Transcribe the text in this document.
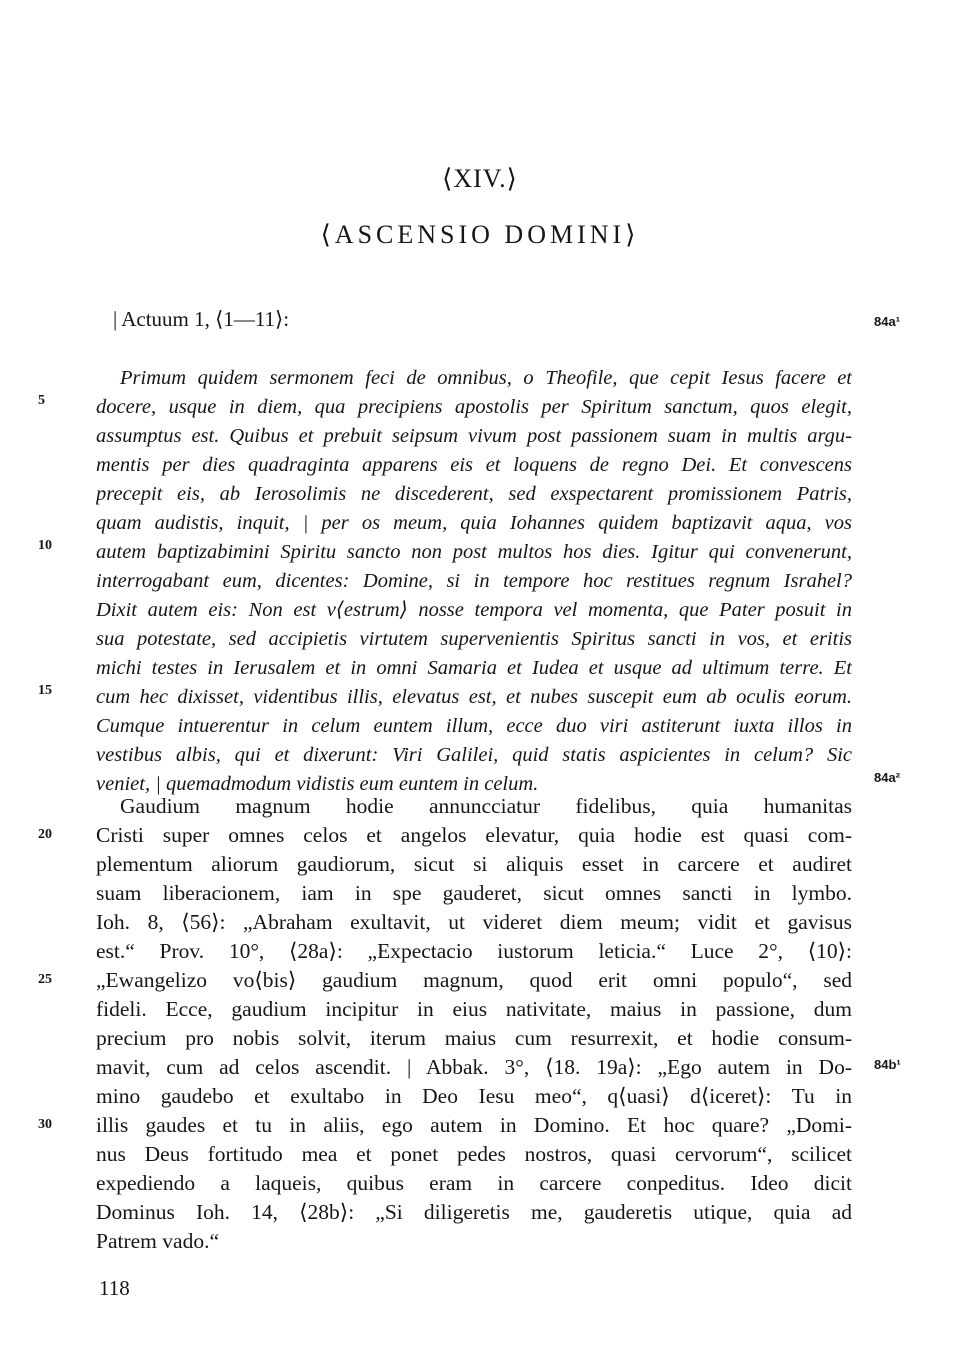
⟨XIV.⟩
⟨ASCENSIO DOMINI⟩
| Actuum 1, ⟨1—11⟩:	84a¹
Primum quidem sermonem feci de omnibus, o Theofile, que cepit Iesus facere et
docere, usque in diem, qua precipiens apostolis per Spiritum sanctum, quos elegit,
assumptus est. Quibus et prebuit seipsum vivum post passionem suam in multis argu-
mentis per dies quadraginta apparens eis et loquens de regno Dei. Et convescens
precepit eis, ab Ierosolimis ne discederent, sed exspectarent promissionem Patris,
quam audistis, inquit, | per os meum, quia Iohannes quidem baptizavit aqua, vos
autem baptizabimini Spiritu sancto non post multos hos dies. Igitur qui convenerunt,
interrogabant eum, dicentes: Domine, si in tempore hoc restitues regnum Israhel?
Dixit autem eis: Non est v⟨estrum⟩ nosse tempora vel momenta, que Pater posuit in
sua potestate, sed accipietis virtutem supervenientis Spiritus sancti in vos, et eritis
michi testes in Ierusalem et in omni Samaria et Iudea et usque ad ultimum terre. Et
cum hec dixisset, videntibus illis, elevatus est, et nubes suscepit eum ab oculis eorum.
Cumque intuerentur in celum euntem illum, ecce duo viri astiterunt iuxta illos in
vestibus albis, qui et dixerunt: Viri Galilei, quid statis aspicientes in celum? Sic
veniet, | quemadmodum vidistis eum euntem in celum.	84a²
Gaudium magnum hodie annuncciatur fidelibus, quia humanitas
Cristi super omnes celos et angelos elevatur, quia hodie est quasi com-
plementum aliorum gaudiorum, sicut si aliquis esset in carcere et audiret
suam liberacionem, iam in spe gauderet, sicut omnes sancti in lymbo.
Ioh. 8, ⟨56⟩: „Abraham exultavit, ut videret diem meum; vidit et gavisus
est.“ Prov. 10°, ⟨28a⟩: „Expectacio iustorum leticia.“ Luce 2°, ⟨10⟩:
„Ewangelizo vo⟨bis⟩ gaudium magnum, quod erit omni populo“, sed
fideli. Ecce, gaudium incipitur in eius nativitate, maius in passione, dum
precium pro nobis solvit, iterum maius cum resurrexit, et hodie consum-
mavit, cum ad celos ascendit. | Abbak. 3°, ⟨18. 19a⟩: „Ego autem in Do-
mino gaudebo et exultabo in Deo Iesu meo“, q⟨uasi⟩ d⟨iceret⟩: Tu in
illis gaudes et tu in aliis, ego autem in Domino. Et hoc quare? „Domi-
nus Deus fortitudo mea et ponet pedes nostros, quasi cervorum“, scilicet
expediendo a laqueis, quibus eram in carcere conpeditus. Ideo dicit
Dominus Ioh. 14, ⟨28b⟩: „Si diligeretis me, gauderetis utique, quia ad
Patrem vado.“
84b¹
5
10
15
20
25
30
118
